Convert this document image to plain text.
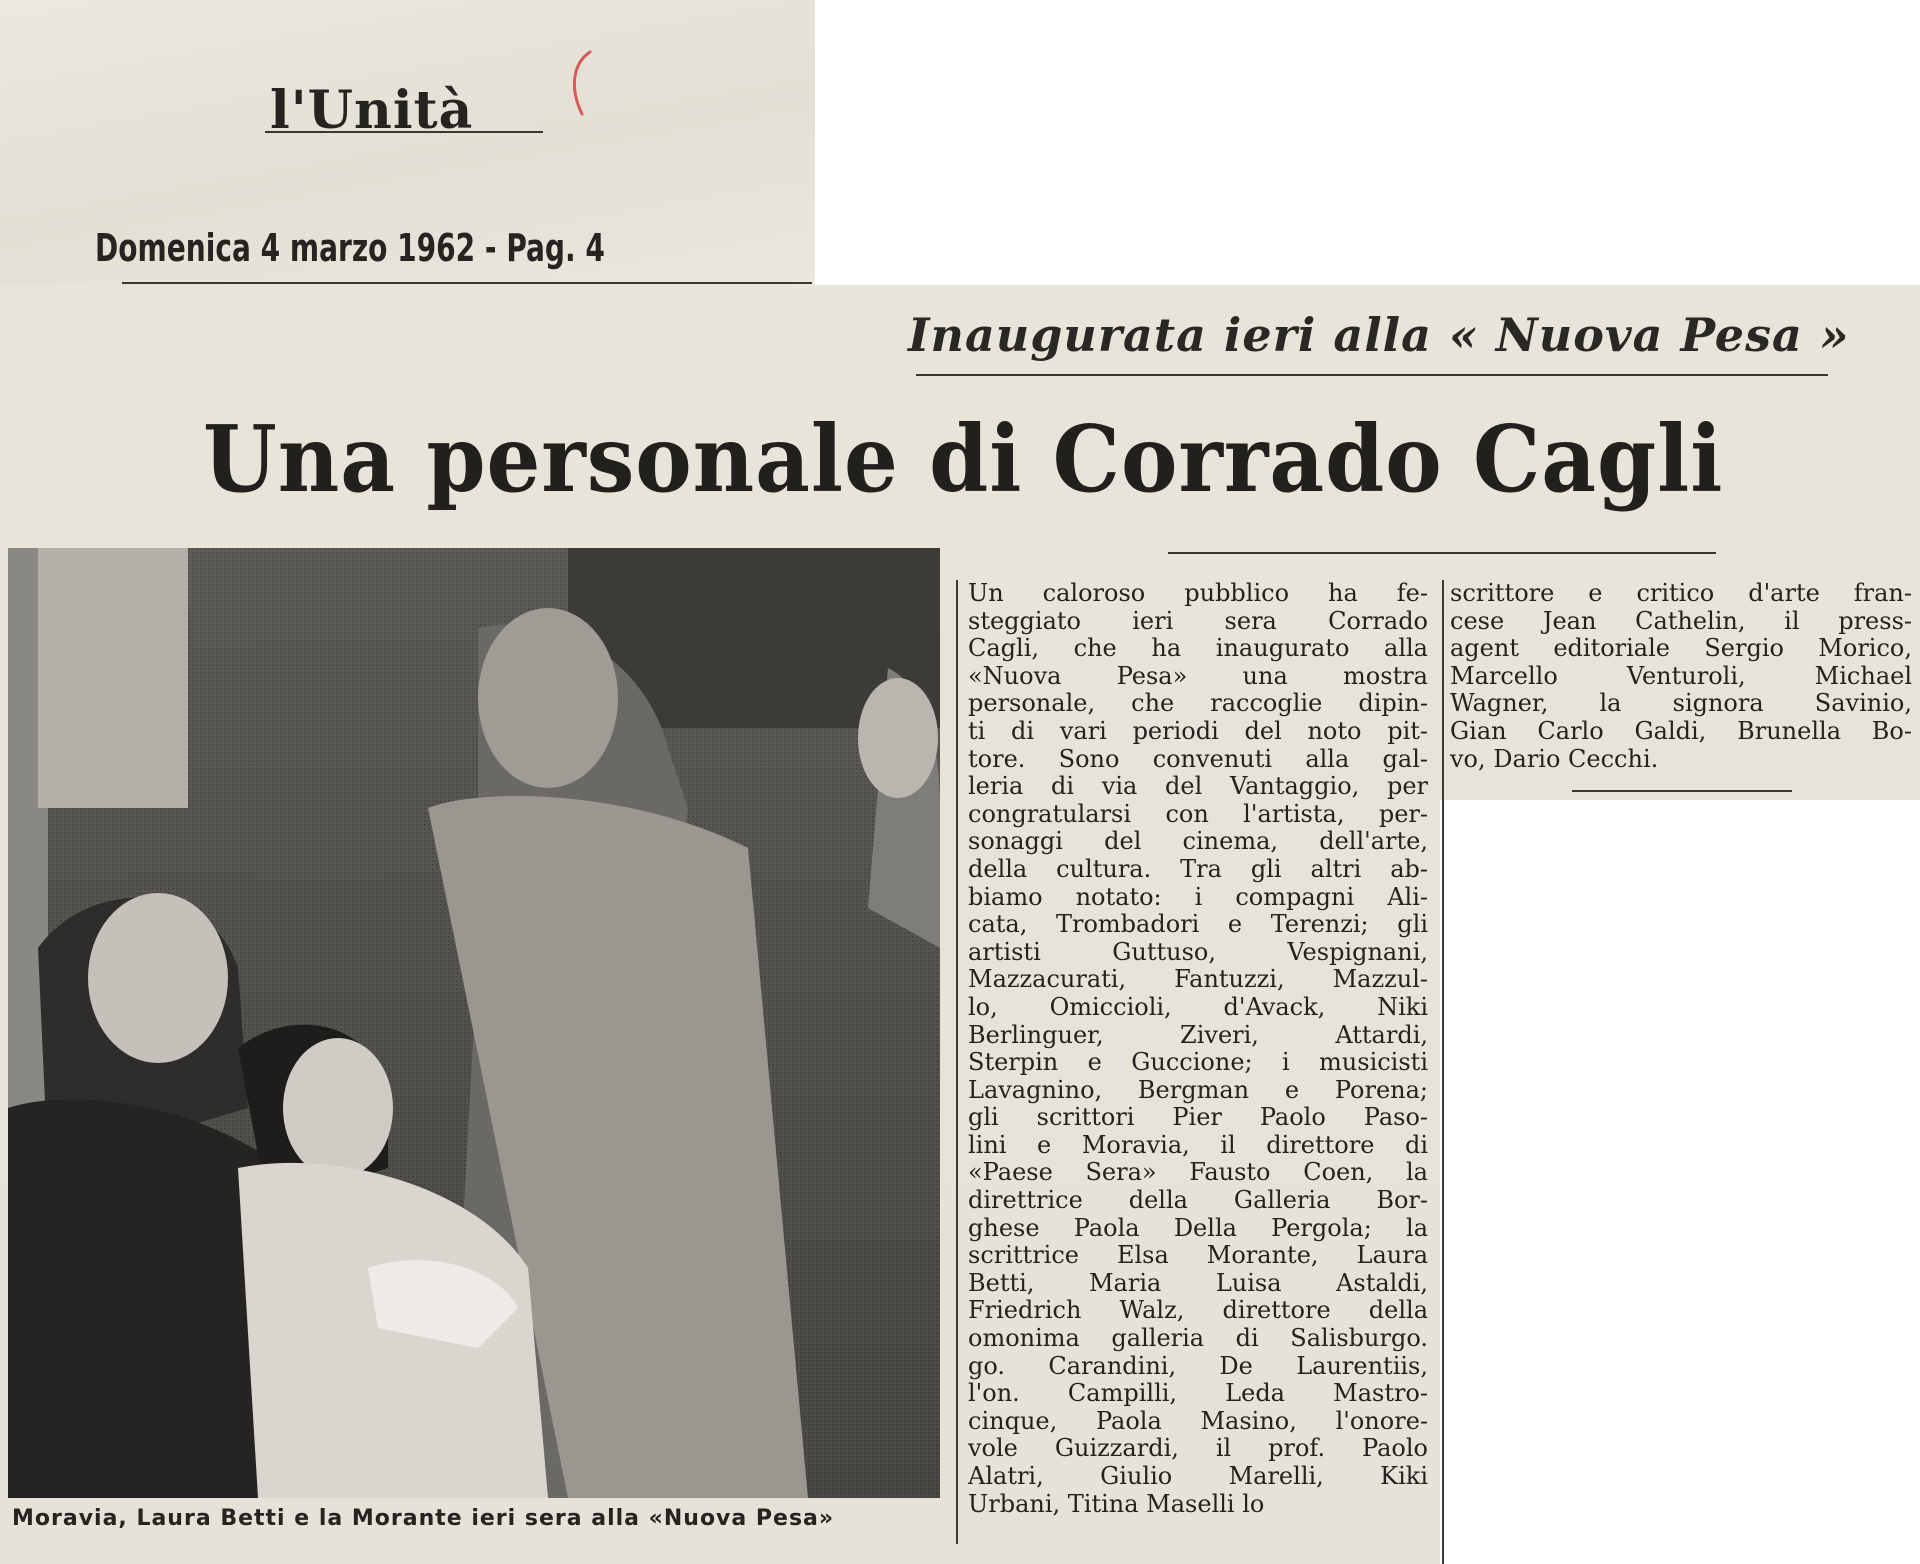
l'Unità
Domenica 4 marzo 1962 - Pag. 4
Inaugurata ieri alla « Nuova Pesa »
Una personale di Corrado Cagli
Moravia, Laura Betti e la Morante ieri sera alla «Nuova Pesa»
Un caloroso pubblico ha fe-
steggiato ieri sera Corrado
Cagli, che ha inaugurato alla
«Nuova Pesa» una mostra
personale, che raccoglie dipin-
ti di vari periodi del noto pit-
tore. Sono convenuti alla gal-
leria di via del Vantaggio, per
congratularsi con l'artista, per-
sonaggi del cinema, dell'arte,
della cultura. Tra gli altri ab-
biamo notato: i compagni Ali-
cata, Trombadori e Terenzi; gli
artisti Guttuso, Vespignani,
Mazzacurati, Fantuzzi, Mazzul-
lo, Omiccioli, d'Avack, Niki
Berlinguer, Ziveri, Attardi,
Sterpin e Guccione; i musicisti
Lavagnino, Bergman e Porena;
gli scrittori Pier Paolo Paso-
lini e Moravia, il direttore di
«Paese Sera» Fausto Coen, la
direttrice della Galleria Bor-
ghese Paola Della Pergola; la
scrittrice Elsa Morante, Laura
Betti, Maria Luisa Astaldi,
Friedrich Walz, direttore della
omonima galleria di Salisburgo.
go. Carandini, De Laurentiis,
l'on. Campilli, Leda Mastro-
cinque, Paola Masino, l'onore-
vole Guizzardi, il prof. Paolo
Alatri, Giulio Marelli, Kiki
Urbani, Titina Maselli lo
scrittore e critico d'arte fran-
cese Jean Cathelin, il press-
agent editoriale Sergio Morico,
Marcello Venturoli, Michael
Wagner, la signora Savinio,
Gian Carlo Galdi, Brunella Bo-
vo, Dario Cecchi.
